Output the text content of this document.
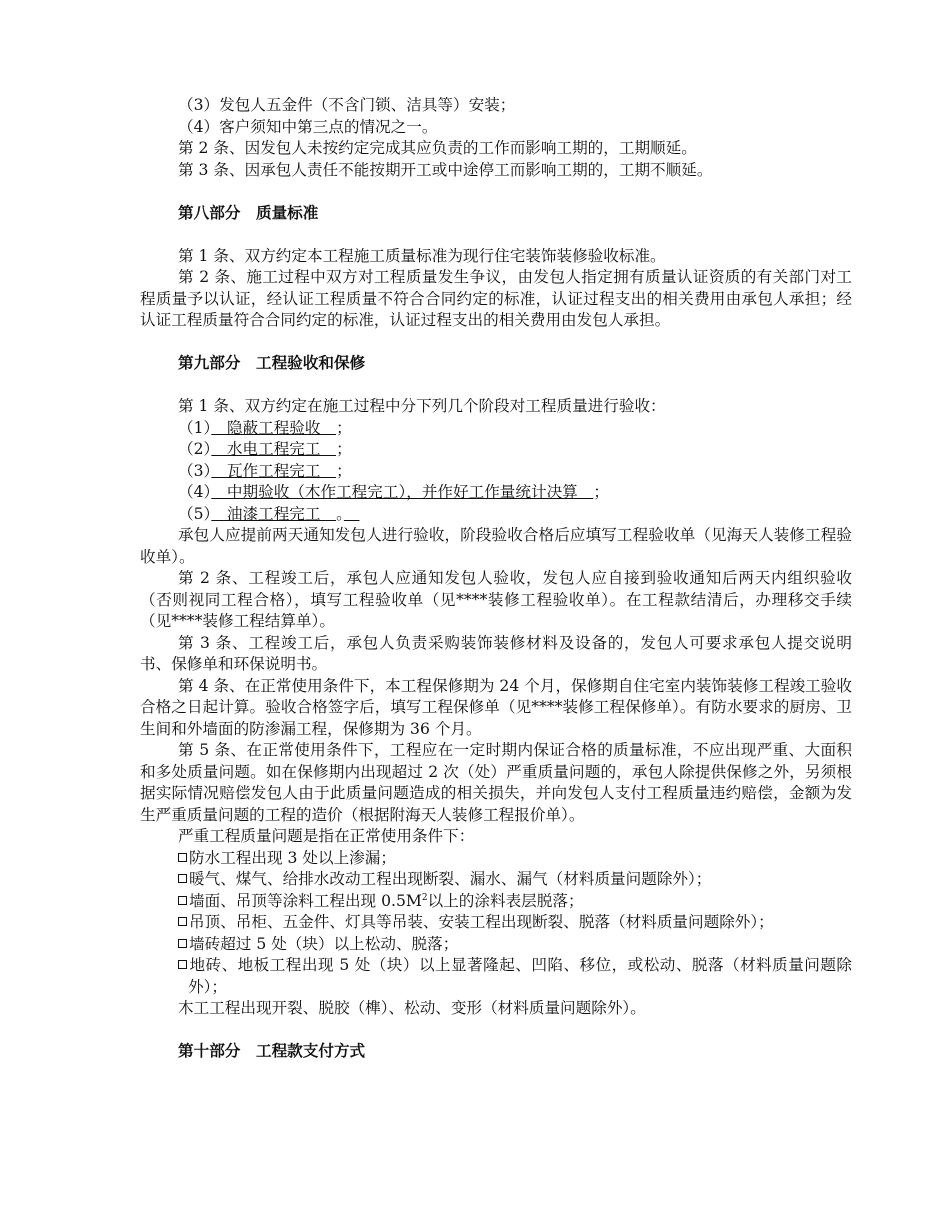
（3）发包人五金件（不含门锁、洁具等）安装；
（4）客户须知中第三点的情况之一。
第 2 条、因发包人未按约定完成其应负责的工作而影响工期的，工期顺延。
第 3 条、因承包人责任不能按期开工或中途停工而影响工期的，工期不顺延。
第八部分　质量标准
第 1 条、双方约定本工程施工质量标准为现行住宅装饰装修验收标准。
第 2 条、施工过程中双方对工程质量发生争议，由发包人指定拥有质量认证资质的有关部门对工程质量予以认证，经认证工程质量不符合合同约定的标准，认证过程支出的相关费用由承包人承担；经认证工程质量符合合同约定的标准，认证过程支出的相关费用由发包人承担。
第九部分　工程验收和保修
第 1 条、双方约定在施工过程中分下列几个阶段对工程质量进行验收：
（1）　隐蔽工程验收　；
（2）　水电工程完工　；
（3）　瓦作工程完工　；
（4）　中期验收（木作工程完工），并作好工作量统计决算　；
（5）　油漆工程完工　。　
承包人应提前两天通知发包人进行验收，阶段验收合格后应填写工程验收单（见海天人装修工程验收单）。
第 2 条、工程竣工后，承包人应通知发包人验收，发包人应自接到验收通知后两天内组织验收（否则视同工程合格），填写工程验收单（见****装修工程验收单）。在工程款结清后，办理移交手续（见****装修工程结算单）。
第 3 条、工程竣工后，承包人负责采购装饰装修材料及设备的，发包人可要求承包人提交说明书、保修单和环保说明书。
第 4 条、在正常使用条件下，本工程保修期为 24 个月，保修期自住宅室内装饰装修工程竣工验收合格之日起计算。验收合格签字后，填写工程保修单（见****装修工程保修单）。有防水要求的厨房、卫生间和外墙面的防渗漏工程，保修期为 36 个月。
第 5 条、在正常使用条件下，工程应在一定时期内保证合格的质量标准，不应出现严重、大面积和多处质量问题。如在保修期内出现超过 2 次（处）严重质量问题的，承包人除提供保修之外，另须根据实际情况赔偿发包人由于此质量问题造成的相关损失，并向发包人支付工程质量违约赔偿，金额为发生严重质量问题的工程的造价（根据附海天人装修工程报价单）。
严重工程质量问题是指在正常使用条件下：
防水工程出现 3 处以上渗漏；
暖气、煤气、给排水改动工程出现断裂、漏水、漏气（材料质量问题除外）；
墙面、吊顶等涂料工程出现 $0.5M^2$以上的涂料表层脱落；
吊顶、吊柜、五金件、灯具等吊装、安装工程出现断裂、脱落（材料质量问题除外）；
墙砖超过 5 处（块）以上松动、脱落；
地砖、地板工程出现 5 处（块）以上显著隆起、凹陷、移位，或松动、脱落（材料质量问题除外）；
木工工程出现开裂、脱胶（榫）、松动、变形（材料质量问题除外）。
第十部分　工程款支付方式
